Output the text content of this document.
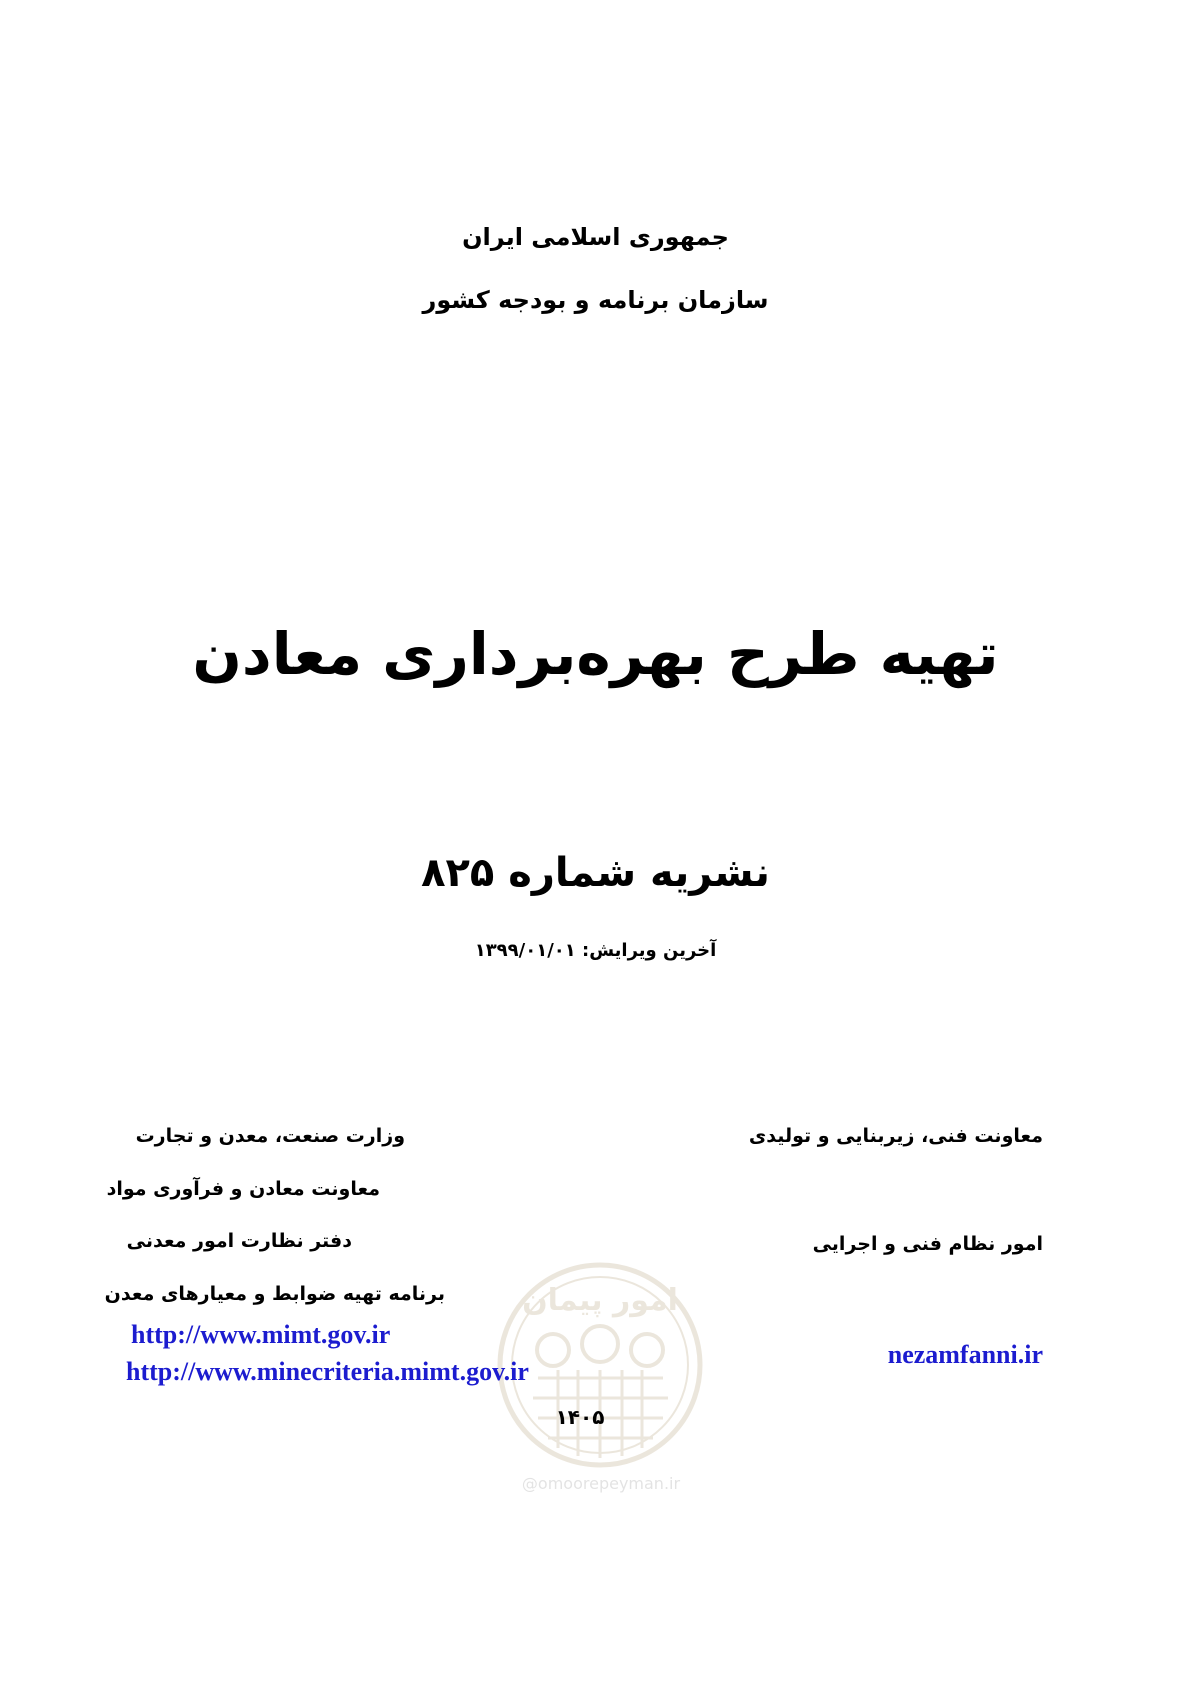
امور پیمان
@omoorepeyman.ir
جمهوری اسلامی ایران
سازمان برنامه و بودجه کشور
تهیه طرح بهره‌برداری معادن
نشریه شماره ۸۲۵
آخرین ویرایش: ۱۳۹۹/۰۱/۰۱
معاونت فنی، زیربنایی و تولیدی
امور نظام فنی و اجرایی
nezamfanni.ir
وزارت صنعت، معدن و تجارت
معاونت معادن و فرآوری مواد
دفتر نظارت امور معدنی
برنامه تهیه ضوابط و معیارهای معدن
http://www.mimt.gov.ir
http://www.minecriteria.mimt.gov.ir
۱۴۰۵
